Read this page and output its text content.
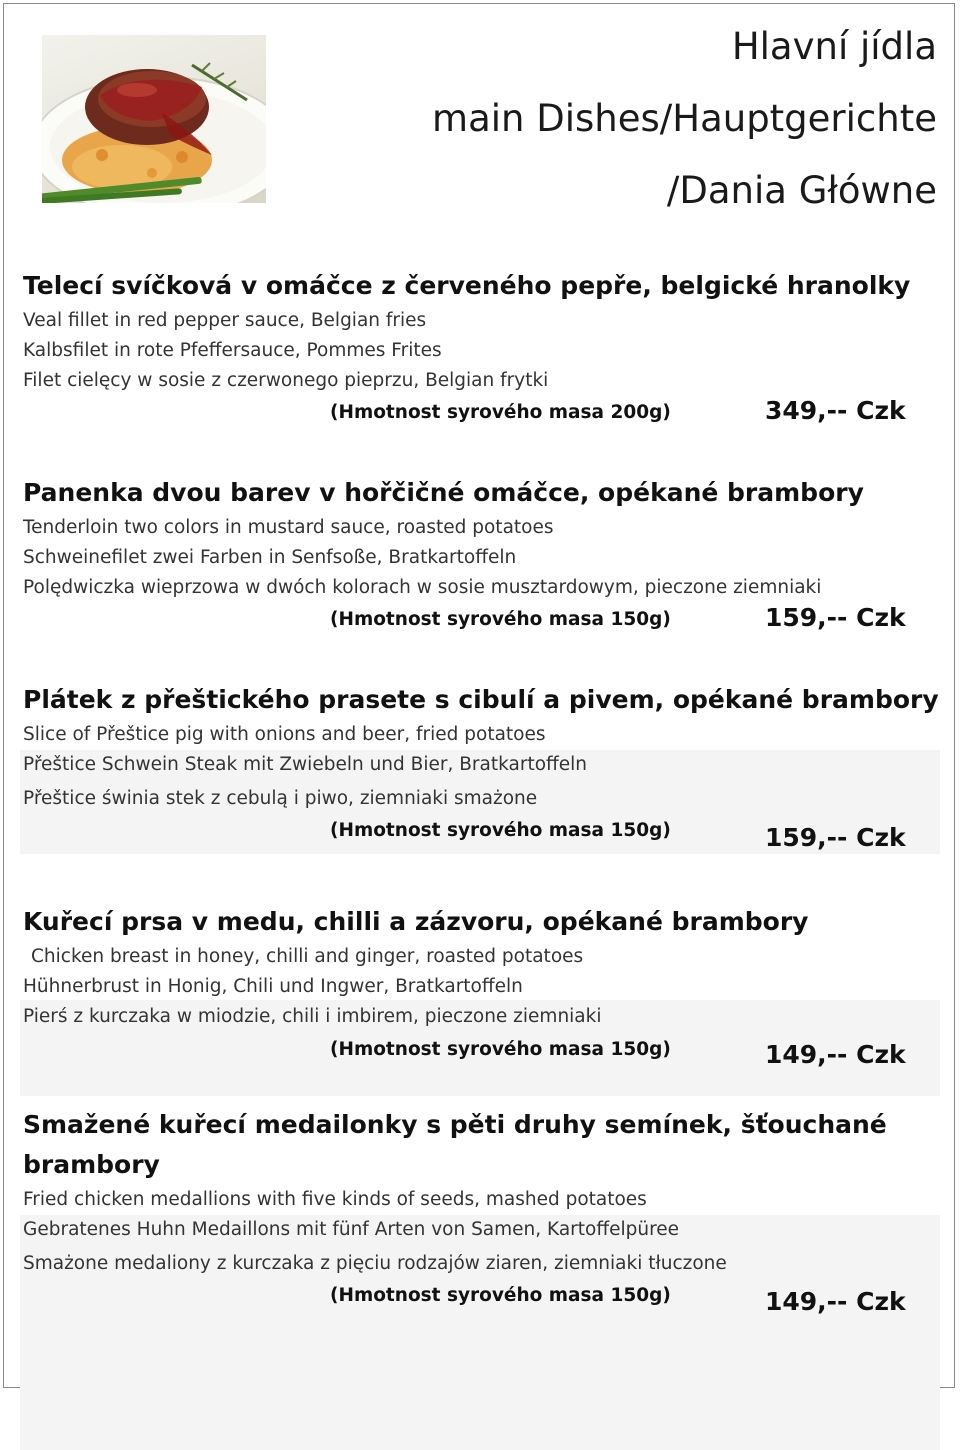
Hlavní jídla
main Dishes/Hauptgerichte
/Dania Główne
Telecí svíčková v omáčce z červeného pepře, belgické hranolky
Veal fillet in red pepper sauce, Belgian fries
Kalbsfilet in rote Pfeffersauce, Pommes Frites
Filet cielęcy w sosie z czerwonego pieprzu, Belgian frytki
(Hmotnost syrového masa 200g)	349,-- Czk
Panenka dvou barev v hořčičné omáčce, opékané brambory
Tenderloin two colors in mustard sauce, roasted potatoes
Schweinefilet zwei Farben in Senfsoße, Bratkartoffeln
Polędwiczka wieprzowa w dwóch kolorach w sosie musztardowym, pieczone ziemniaki
(Hmotnost syrového masa 150g)	159,-- Czk
Plátek z přeštického prasete s cibulí a pivem, opékané brambory
Slice of Přeštice pig with onions and beer, fried potatoes
Přeštice Schwein Steak mit Zwiebeln und Bier, Bratkartoffeln
Přeštice świnia stek z cebulą i piwo, ziemniaki smażone
(Hmotnost syrového masa 150g)	159,-- Czk
Kuřecí prsa v medu, chilli a zázvoru, opékané brambory
Chicken breast in honey, chilli and ginger, roasted potatoes
Hühnerbrust in Honig, Chili und Ingwer, Bratkartoffeln
Pierś z kurczaka w miodzie, chili i imbirem, pieczone ziemniaki
(Hmotnost syrového masa 150g)	149,-- Czk
Smažené kuřecí medailonky s pěti druhy semínek, šťouchané brambory
Fried chicken medallions with five kinds of seeds, mashed potatoes
Gebratenes Huhn Medaillons mit fünf Arten von Samen, Kartoffelpüree
Smażone medaliony z kurczaka z pięciu rodzajów ziaren, ziemniaki tłuczone
(Hmotnost syrového masa 150g)	149,-- Czk
